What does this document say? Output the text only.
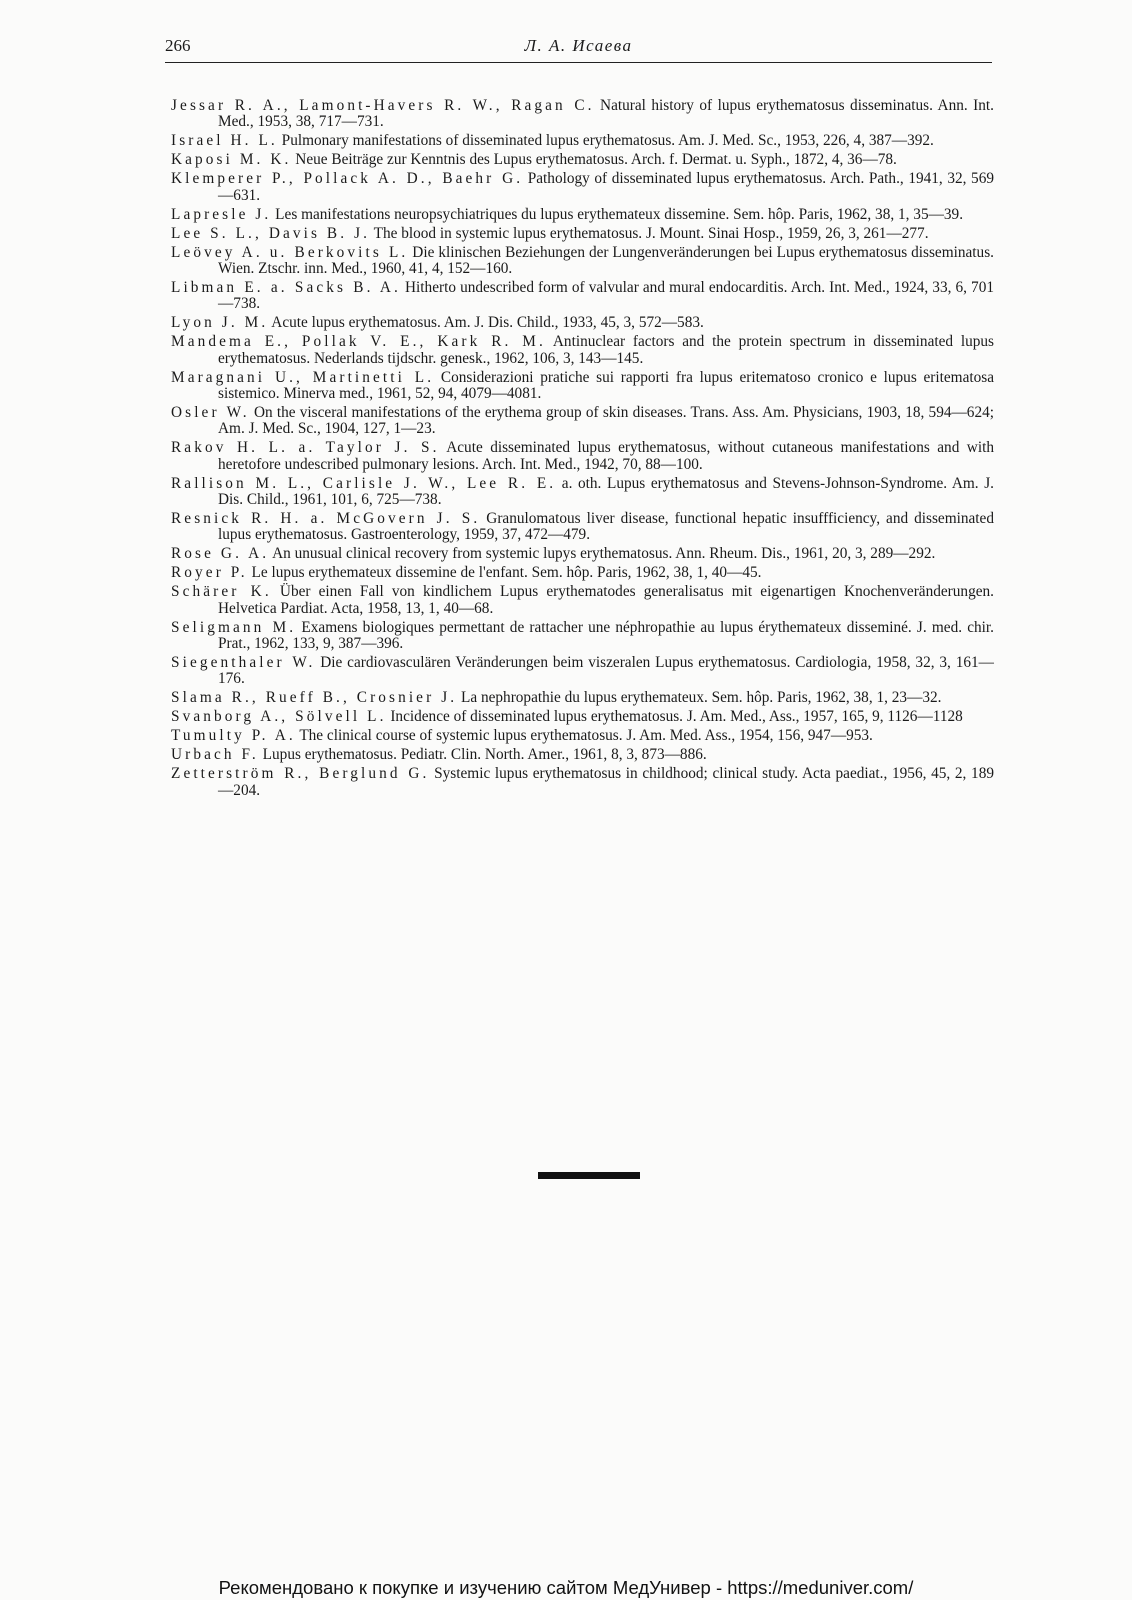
266	Л. А. Исаева

Jessar R. A., Lamont-Havers R. W., Ragan C. Natural history of lupus erythematosus disseminatus. Ann. Int. Med., 1953, 38, 717—731.

Israel H. L. Pulmonary manifestations of disseminated lupus erythematosus. Am. J. Med. Sc., 1953, 226, 4, 387—392.

Kaposi M. K. Neue Beiträge zur Kenntnis des Lupus erythematosus. Arch. f. Dermat. u. Syph., 1872, 4, 36—78.

Klemperer P., Pollack A. D., Baehr G. Pathology of disseminated lupus erythematosus. Arch. Path., 1941, 32, 569—631.

Lapresle J. Les manifestations neuropsychiatriques du lupus erythemateux dissemine. Sem. hôp. Paris, 1962, 38, 1, 35—39.

Lee S. L., Davis B. J. The blood in systemic lupus erythematosus. J. Mount. Sinai Hosp., 1959, 26, 3, 261—277.

Leövey A. u. Berkovits L. Die klinischen Beziehungen der Lungenveränderungen bei Lupus erythematosus disseminatus. Wien. Ztschr. inn. Med., 1960, 41, 4, 152—160.

Libman E. a. Sacks B. A. Hitherto undescribed form of valvular and mural endocarditis. Arch. Int. Med., 1924, 33, 6, 701—738.

Lyon J. M. Acute lupus erythematosus. Am. J. Dis. Child., 1933, 45, 3, 572—583.

Mandema E., Pollak V. E., Kark R. M. Antinuclear factors and the protein spectrum in disseminated lupus erythematosus. Nederlands tijdschr. genesk., 1962, 106, 3, 143—145.

Maragnani U., Martinetti L. Considerazioni pratiche sui rapporti fra lupus eritematoso cronico e lupus eritematosa sistemico. Minerva med., 1961, 52, 94, 4079—4081.

Osler W. On the visceral manifestations of the erythema group of skin diseases. Trans. Ass. Am. Physicians, 1903, 18, 594—624; Am. J. Med. Sc., 1904, 127, 1—23.

Rakov H. L. a. Taylor J. S. Acute disseminated lupus erythematosus, without cutaneous manifestations and with heretofore undescribed pulmonary lesions. Arch. Int. Med., 1942, 70, 88—100.

Rallison M. L., Carlisle J. W., Lee R. E. a. oth. Lupus erythematosus and Stevens-Johnson-Syndrome. Am. J. Dis. Child., 1961, 101, 6, 725—738.

Resnick R. H. a. McGovern J. S. Granulomatous liver disease, functional hepatic insuffficiency, and disseminated lupus erythematosus. Gastroenterology, 1959, 37, 472—479.

Rose G. A. An unusual clinical recovery from systemic lupys erythematosus. Ann. Rheum. Dis., 1961, 20, 3, 289—292.

Royer P. Le lupus erythemateux dissemine de l'enfant. Sem. hôp. Paris, 1962, 38, 1, 40—45.

Schärer K. Über einen Fall von kindlichem Lupus erythematodes generalisatus mit eigenartigen Knochenveränderungen. Helvetica Pardiat. Acta, 1958, 13, 1, 40—68.

Seligmann M. Examens biologiques permettant de rattacher une néphropathie au lupus érythemateux disseminé. J. med. chir. Prat., 1962, 133, 9, 387—396.

Siegenthaler W. Die cardiovasculären Veränderungen beim viszeralen Lupus erythematosus. Cardiologia, 1958, 32, 3, 161—176.

Slama R., Rueff B., Crosnier J. La nephropathie du lupus erythemateux. Sem. hôp. Paris, 1962, 38, 1, 23—32.

Svanborg A., Sölvell L. Incidence of disseminated lupus erythematosus. J. Am. Med., Ass., 1957, 165, 9, 1126—1128

Tumulty P. A. The clinical course of systemic lupus erythematosus. J. Am. Med. Ass., 1954, 156, 947—953.

Urbach F. Lupus erythematosus. Pediatr. Clin. North. Amer., 1961, 8, 3, 873—886.

Zetterström R., Berglund G. Systemic lupus erythematosus in childhood; clinical study. Acta paediat., 1956, 45, 2, 189—204.

Рекомендовано к покупке и изучению сайтом МедУнивер - https://meduniver.com/
